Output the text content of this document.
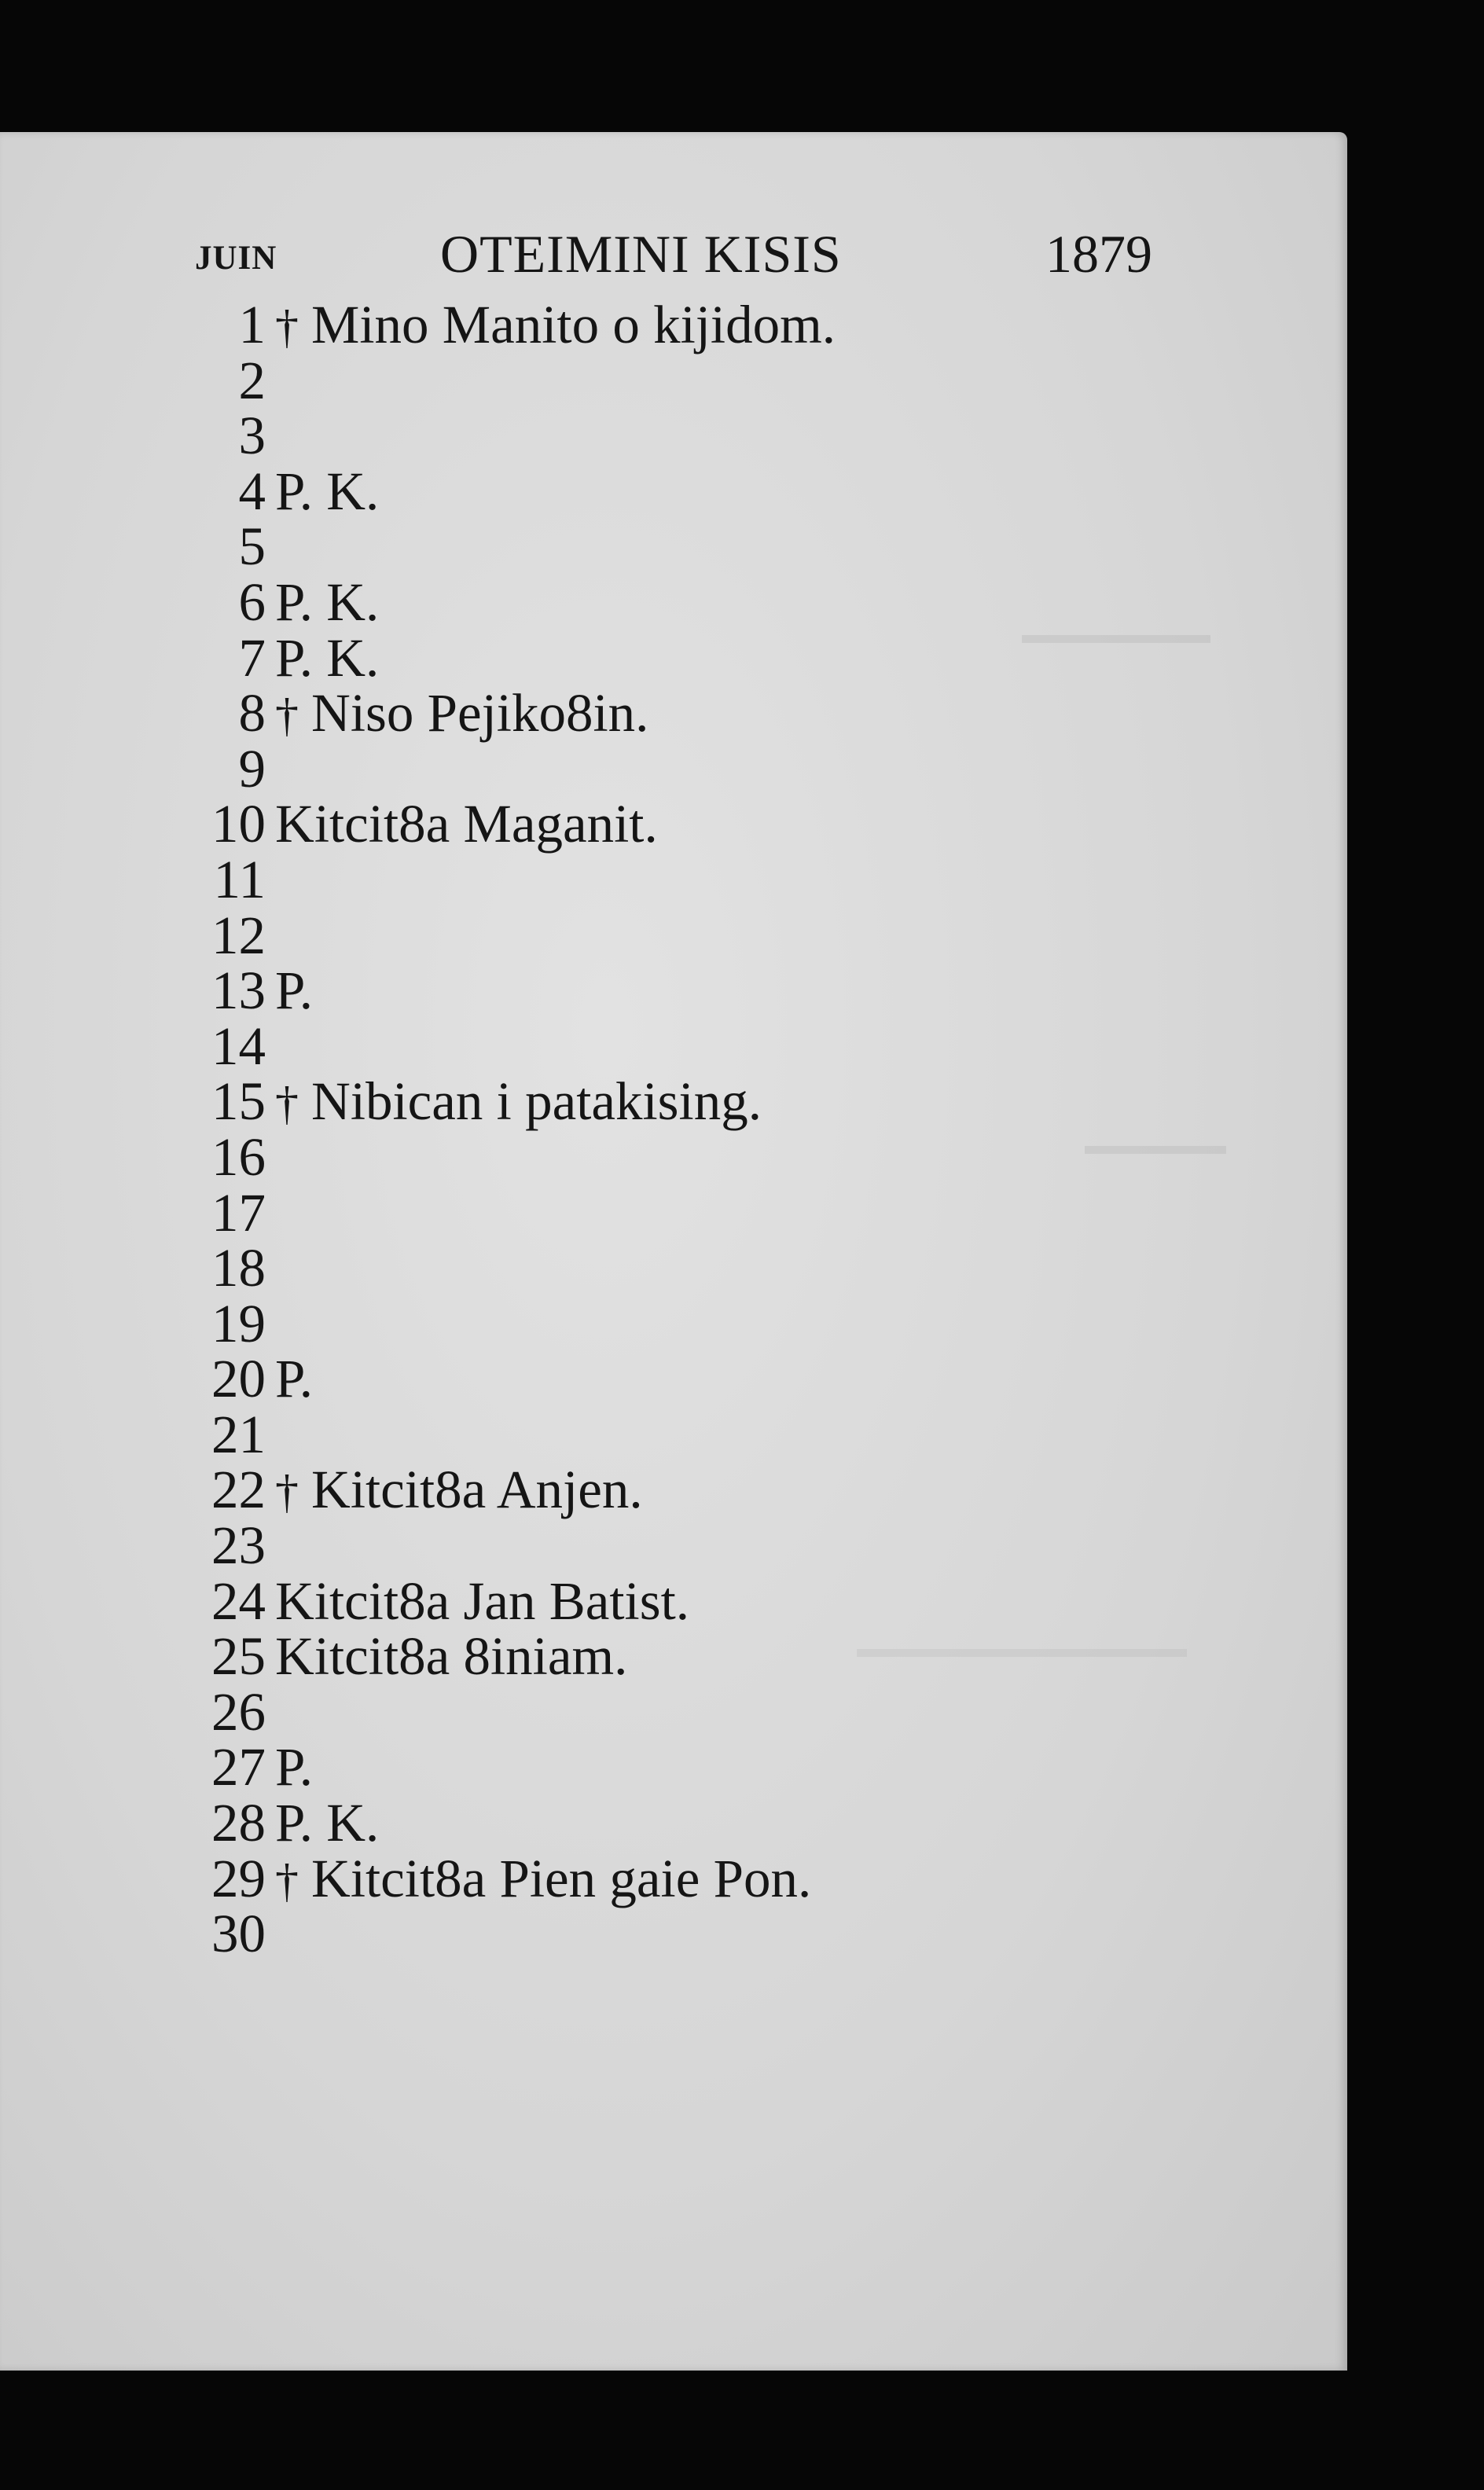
JUIN	OTEIMINI KISIS	1879
1 † Mino Manito o kijidom.
2
3
4 P. K.
5
6 P. K.
7 P. K.
8 † Niso Pejiko8in.
9
10 Kitcit8a Maganit.
11
12
13 P.
14
15 † Nibican i patakising.
16
17
18
19
20 P.
21
22 † Kitcit8a Anjen.
23
24 Kitcit8a Jan Batist.
25 Kitcit8a 8iniam.
26
27 P.
28 P. K.
29 † Kitcit8a Pien gaie Pon.
30
